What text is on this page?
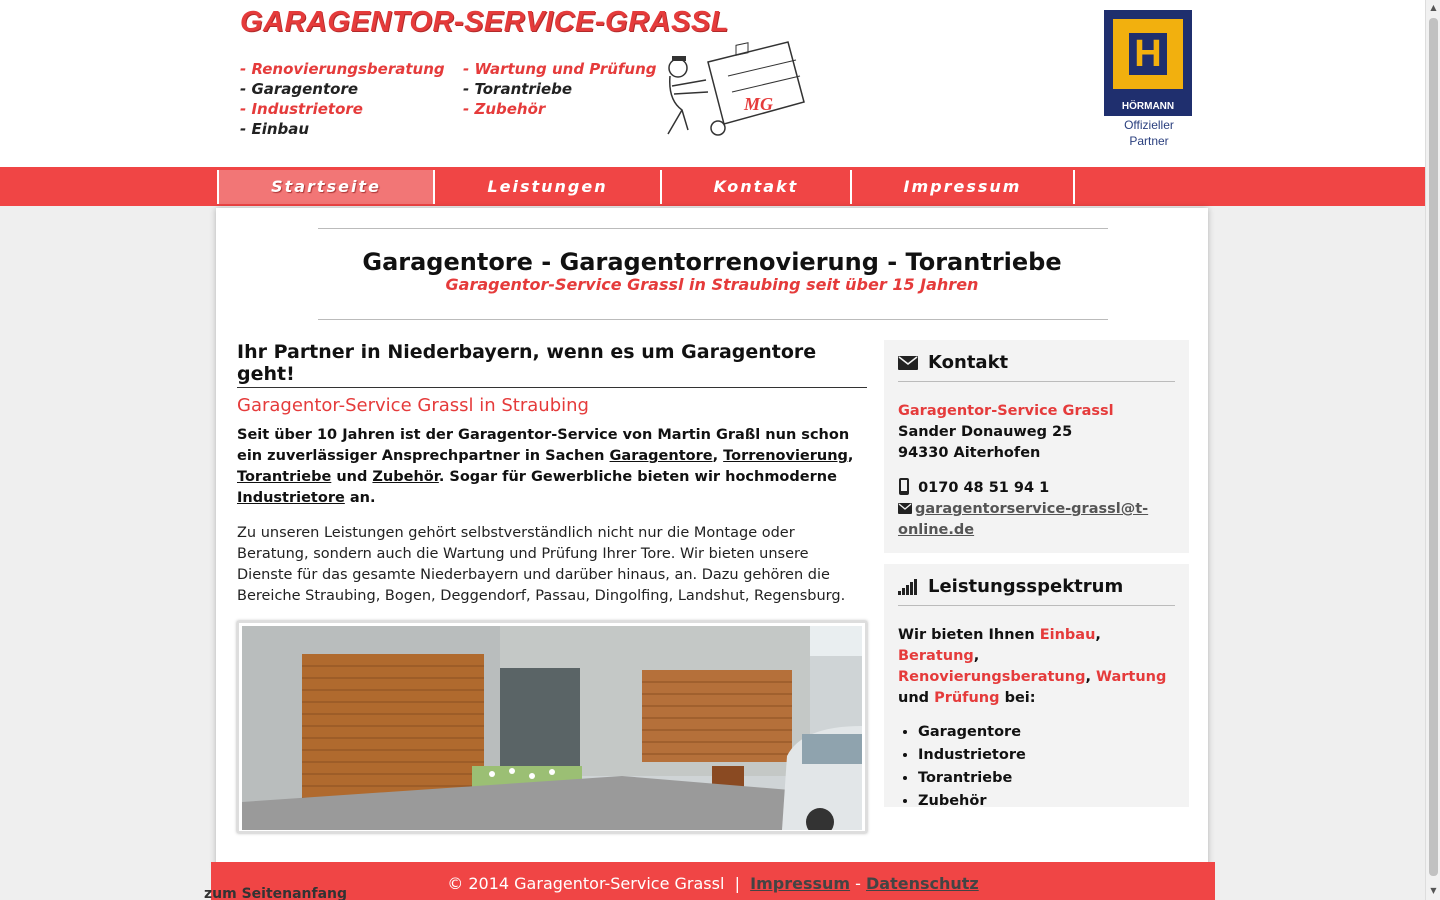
GARAGENTOR-SERVICE-GRASSL
- Renovierungsberatung
- Garagentore
- Industrietore
- Einbau
- Wartung und Prüfung
- Torantriebe
- Zubehör	MG
H
HÖRMANN
Offizieller
Partner
Startseite	Leistungen	Kontakt	Impressum
Garagentore - Garagentorrenovierung - Torantriebe
Garagentor-Service Grassl in Straubing seit über 15 Jahren
Ihr Partner in Niederbayern, wenn es um Garagentore geht!
Garagentor-Service Grassl in Straubing
Seit über 10 Jahren ist der Garagentor-Service von Martin Graßl nun schon ein zuverlässiger Ansprechpartner in Sachen Garagentore, Torrenovierung, Torantriebe und Zubehör. Sogar für Gewerbliche bieten wir hochmoderne Industrietore an.
Zu unseren Leistungen gehört selbstverständlich nicht nur die Montage oder Beratung, sondern auch die Wartung und Prüfung Ihrer Tore. Wir bieten unsere Dienste für das gesamte Niederbayern und darüber hinaus, an. Dazu gehören die Bereiche Straubing, Bogen, Deggendorf, Passau, Dingolfing, Landshut, Regensburg.
Kontakt
Garagentor-Service Grassl
Sander Donauweg 25
94330 Aiterhofen
0170 48 51 94 1
garagentorservice-grassl@t-online.de
Leistungsspektrum
Wir bieten Ihnen Einbau, Beratung, Renovierungsberatung, Wartung und Prüfung bei:
• Garagentore
• Industrietore
• Torantriebe
• Zubehör
© 2014 Garagentor-Service Grassl  |  Impressum - Datenschutz
zum Seitenanfang
▲
▼
